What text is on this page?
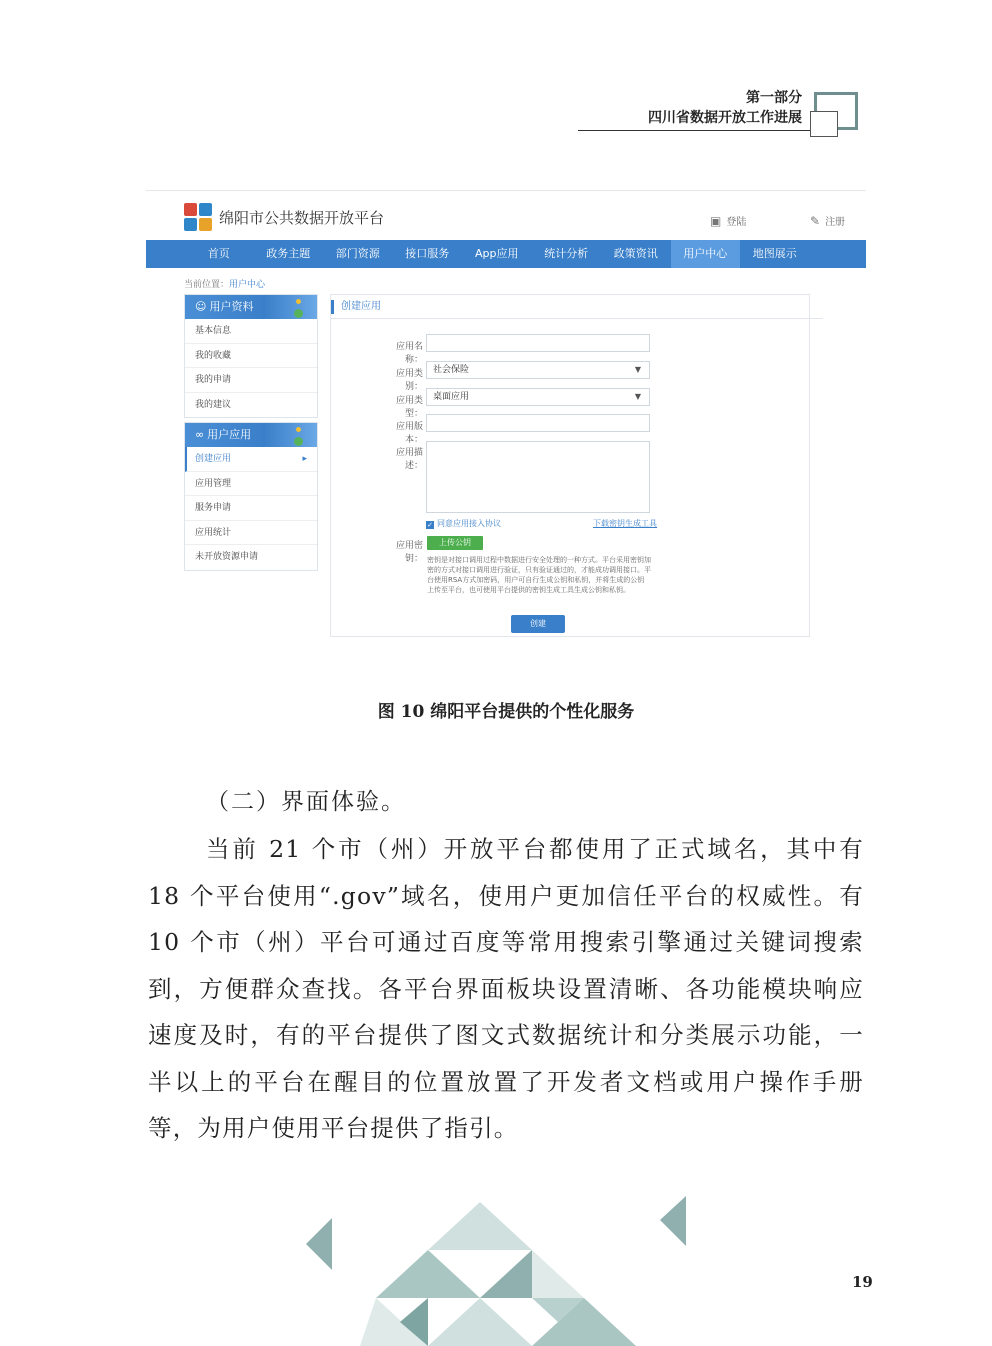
第一部分
四川省数据开放工作进展
绵阳市公共数据开放平台	▣ 登陆	✎ 注册
首页	政务主题	部门资源	接口服务	App应用	统计分析	政策资讯	用户中心	地图展示
当前位置：用户中心
☺ 用户资料
基本信息
我的收藏
我的申请
我的建议
∞ 用户应用
创建应用	▸
应用管理
服务申请
应用统计
未开放资源申请
创建应用
应用名称：
应用类别：
社会保险	▼
应用类型：
桌面应用	▼
应用版本：
应用描述：
✓ 同意应用接入协议	下载密钥生成工具
应用密钥：
上传公钥
密钥是对接口调用过程中数据进行安全处理的一种方式。平台采用密钥加密的方式对接口调用进行验证，只有验证通过的，才能成功调用接口。平台使用RSA方式加密码，用户可自行生成公钥和私钥，并将生成的公钥上传至平台，也可使用平台提供的密钥生成工具生成公钥和私钥。
创建
图 10 绵阳平台提供的个性化服务
（二）界面体验。
当前 21 个市（州）开放平台都使用了正式域名，其中有 18 个平台使用“.gov”域名，使用户更加信任平台的权威性。有 10 个市（州）平台可通过百度等常用搜索引擎通过关键词搜索到，方便群众查找。各平台界面板块设置清晰、各功能模块响应速度及时，有的平台提供了图文式数据统计和分类展示功能，一半以上的平台在醒目的位置放置了开发者文档或用户操作手册等，为用户使用平台提供了指引。
19
